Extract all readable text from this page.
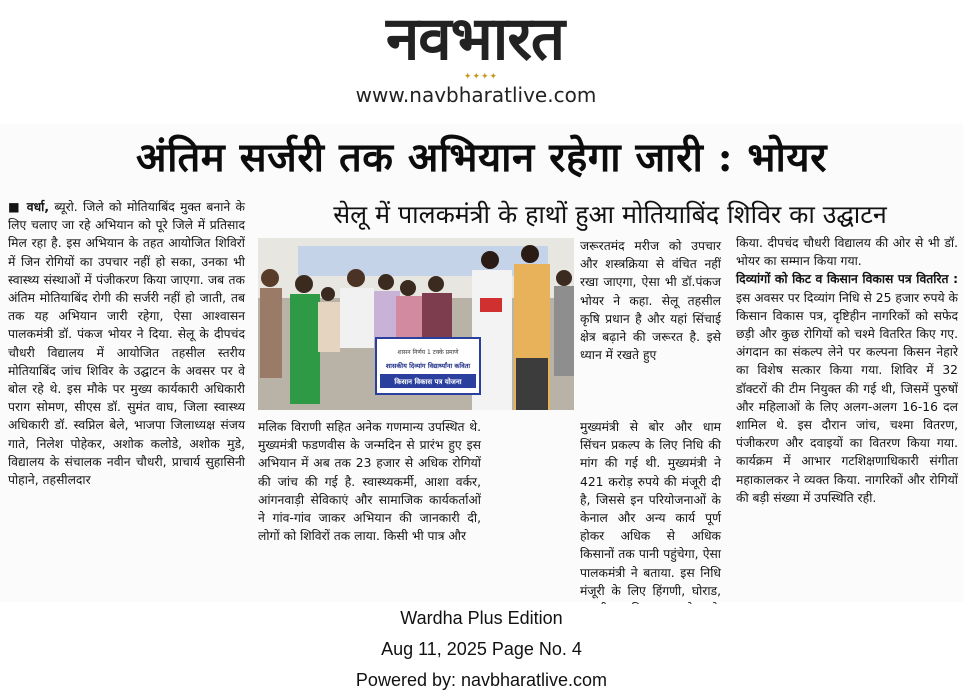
नवभारत
✦✦✦✦
www.navbharatlive.com
अंतिम सर्जरी तक अभियान रहेगा जारी : भोयर
सेलू में पालकमंत्री के हाथों हुआ मोतियाबिंद शिविर का उद्घाटन
■ वर्धा, ब्यूरो. जिले को मोतियाबिंद मुक्त बनाने के लिए चलाए जा रहे अभियान को पूरे जिले में प्रतिसाद मिल रहा है. इस अभियान के तहत आयोजित शिविरों में जिन रोगियों का उपचार नहीं हो सका, उनका भी स्वास्थ्य संस्थाओं में पंजीकरण किया जाएगा. जब तक अंतिम मोतियाबिंद रोगी की सर्जरी नहीं हो जाती, तब तक यह अभियान जारी रहेगा, ऐसा आश्वासन पालकमंत्री डॉ. पंकज भोयर ने दिया. सेलू के दीपचंद चौधरी विद्यालय में आयोजित तहसील स्तरीय मोतियाबिंद जांच शिविर के उद्घाटन के अवसर पर वे बोल रहे थे. इस मौके पर मुख्य कार्यकारी अधिकारी पराग सोमण, सीएस डॉ. सुमंत वाघ, जिला स्वास्थ्य अधिकारी डॉ. स्वप्निल बेले, भाजपा जिलाध्यक्ष संजय गाते, निलेश पोहेकर, अशोक कलोडे, अशोक मुडे, विद्यालय के संचालक नवीन चौधरी, प्राचार्य सुहासिनी पोहाने, तहसीलदार
शासन निर्णय 1 टक्के प्रमाणे
शासकीय दिव्यांग विद्यार्थ्यांना कविता
किसान विकास पत्र योजना
मलिक विराणी सहित अनेक गणमान्य उपस्थित थे. मुख्यमंत्री फडणवीस के जन्मदिन से प्रारंभ हुए इस अभियान में अब तक 23 हजार से अधिक रोगियों की जांच की गई है. स्वास्थ्यकर्मी, आशा वर्कर, आंगनवाड़ी सेविकाएं और सामाजिक कार्यकर्ताओं ने गांव-गांव जाकर अभियान की जानकारी दी, लोगों को शिविरों तक लाया. किसी भी पात्र और
जरूरतमंद मरीज को उपचार और शस्त्रक्रिया से वंचित नहीं रखा जाएगा, ऐसा भी डॉ.पंकज भोयर ने कहा. सेलू तहसील कृषि प्रधान है और यहां सिंचाई क्षेत्र बढ़ाने की जरूरत है. इसे ध्यान में रखते हुए
मुख्यमंत्री से बोर और धाम सिंचन प्रकल्प के लिए निधि की मांग की गई थी. मुख्यमंत्री ने 421 करोड़ रुपये की मंजूरी दी है, जिससे इन परियोजनाओं के केनाल और अन्य कार्य पूर्ण होकर अधिक से अधिक किसानों तक पानी पहुंचेगा, ऐसा पालकमंत्री ने बताया. इस निधि मंजूरी के लिए हिंगणी, घोराड,
किया. दीपचंद चौधरी विद्यालय की ओर से भी डॉ. भोयर का सम्मान किया गया.
दिव्यांगों को किट व किसान विकास पत्र वितरित : इस अवसर पर दिव्यांग निधि से 25 हजार रुपये के किसान विकास पत्र, दृष्टिहीन नागरिकों को सफेद छड़ी और कुछ रोगियों को चश्मे वितरित किए गए. अंगदान का संकल्प लेने पर कल्पना किसन नेहारे का विशेष सत्कार किया गया. शिविर में 32 डॉक्टरों की टीम नियुक्त की गई थी, जिसमें पुरुषों और महिलाओं के लिए अलग-अलग 16-16 दल शामिल थे. इस दौरान जांच, चश्मा वितरण, पंजीकरण और दवाइयों का वितरण किया गया. कार्यक्रम में आभार गटशिक्षणाधिकारी संगीता महाकालकर ने व्यक्त किया. नागरिकों और रोगियों की बड़ी संख्या में उपस्थिति रही.
Wardha Plus Edition
Aug 11, 2025 Page No. 4
Powered by: navbharatlive.com
